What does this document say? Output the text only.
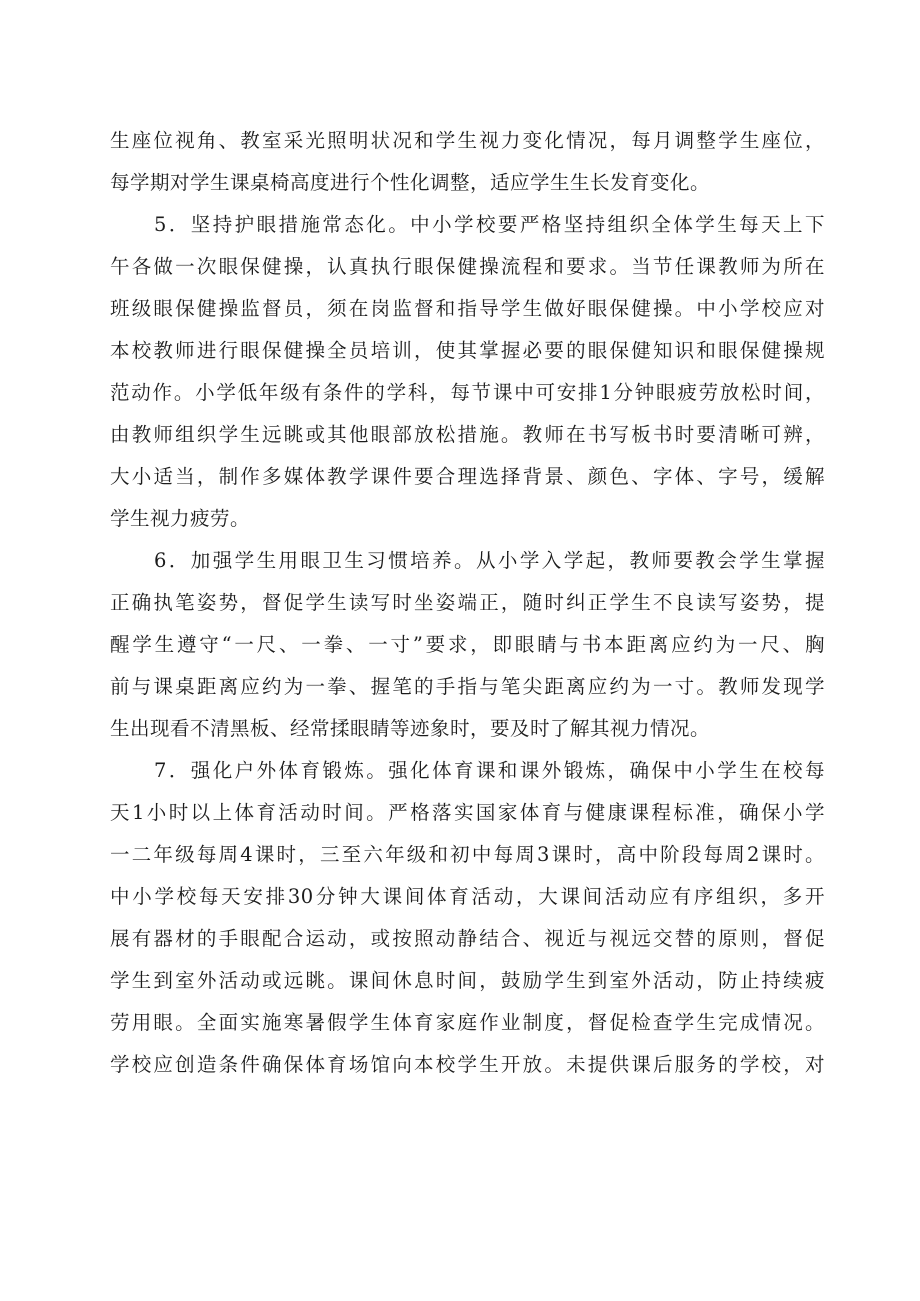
生座位视角、教室采光照明状况和学生视力变化情况，每月调整学生座位，
每学期对学生课桌椅高度进行个性化调整，适应学生生长发育变化。
5．坚持护眼措施常态化。中小学校要严格坚持组织全体学生每天上下
午各做一次眼保健操，认真执行眼保健操流程和要求。当节任课教师为所在
班级眼保健操监督员，须在岗监督和指导学生做好眼保健操。中小学校应对
本校教师进行眼保健操全员培训，使其掌握必要的眼保健知识和眼保健操规
范动作。小学低年级有条件的学科，每节课中可安排1分钟眼疲劳放松时间，
由教师组织学生远眺或其他眼部放松措施。教师在书写板书时要清晰可辨，
大小适当，制作多媒体教学课件要合理选择背景、颜色、字体、字号，缓解
学生视力疲劳。
6．加强学生用眼卫生习惯培养。从小学入学起，教师要教会学生掌握
正确执笔姿势，督促学生读写时坐姿端正，随时纠正学生不良读写姿势，提
醒学生遵守“一尺、一拳、一寸”要求，即眼睛与书本距离应约为一尺、胸
前与课桌距离应约为一拳、握笔的手指与笔尖距离应约为一寸。教师发现学
生出现看不清黑板、经常揉眼睛等迹象时，要及时了解其视力情况。
7．强化户外体育锻炼。强化体育课和课外锻炼，确保中小学生在校每
天1小时以上体育活动时间。严格落实国家体育与健康课程标准，确保小学
一二年级每周4课时，三至六年级和初中每周3课时，高中阶段每周2课时。
中小学校每天安排30分钟大课间体育活动，大课间活动应有序组织，多开
展有器材的手眼配合运动，或按照动静结合、视近与视远交替的原则，督促
学生到室外活动或远眺。课间休息时间，鼓励学生到室外活动，防止持续疲
劳用眼。全面实施寒暑假学生体育家庭作业制度，督促检查学生完成情况。
学校应创造条件确保体育场馆向本校学生开放。未提供课后服务的学校，对
